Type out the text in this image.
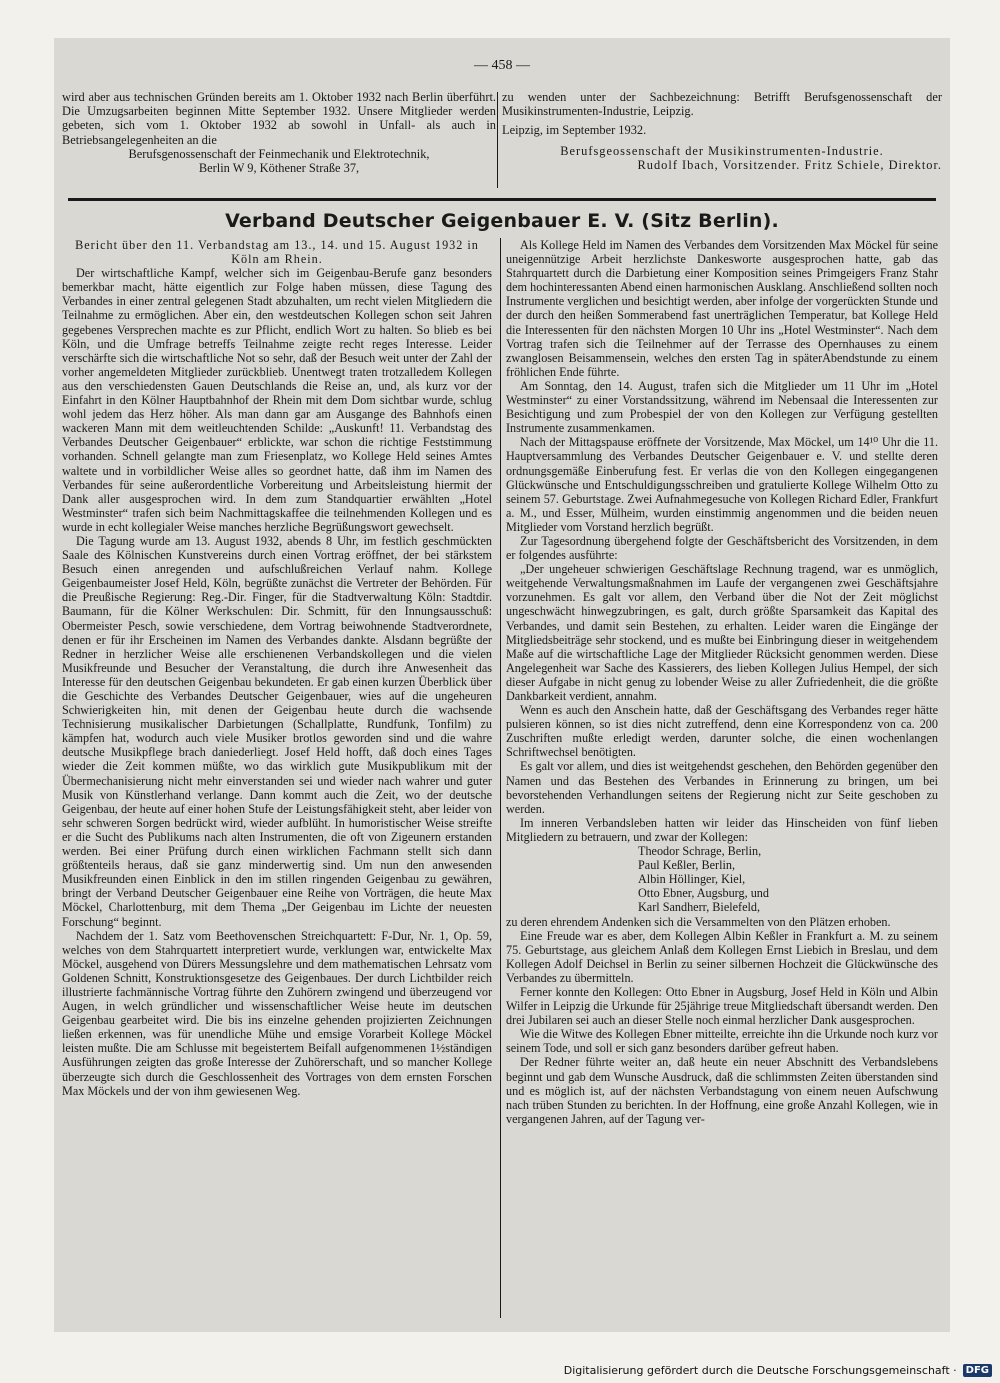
— 458 —

wird aber aus technischen Gründen bereits am 1. Oktober 1932 nach Berlin überführt. Die Umzugsarbeiten beginnen Mitte September 1932. Unsere Mitglieder werden gebeten, sich vom 1. Oktober 1932 ab sowohl in Unfall- als auch in Betriebsangelegenheiten an die

Berufsgenossenschaft der Feinmechanik und Elektrotechnik,

Berlin W 9, Köthener Straße 37,

zu wenden unter der Sachbezeichnung: Betrifft Berufsgenossenschaft der Musikinstrumenten-Industrie, Leipzig.

Leipzig, im September 1932.

Berufsgeossenschaft der Musikinstrumenten-Industrie.

Rudolf Ibach, Vorsitzender. Fritz Schiele, Direktor.

Verband Deutscher Geigenbauer E. V. (Sitz Berlin).

Bericht über den 11. Verbandstag am 13., 14. und 15. August 1932 in Köln am Rhein.

Der wirtschaftliche Kampf, welcher sich im Geigenbau-Berufe ganz besonders bemerkbar macht, hätte eigentlich zur Folge haben müssen, diese Tagung des Verbandes in einer zentral gelegenen Stadt abzuhalten, um recht vielen Mitgliedern die Teilnahme zu ermöglichen. Aber ein, den westdeutschen Kollegen schon seit Jahren gegebenes Versprechen machte es zur Pflicht, endlich Wort zu halten. So blieb es bei Köln, und die Umfrage betreffs Teilnahme zeigte recht reges Interesse. Leider verschärfte sich die wirtschaftliche Not so sehr, daß der Besuch weit unter der Zahl der vorher angemeldeten Mitglieder zurückblieb. Unentwegt traten trotzalledem Kollegen aus den verschiedensten Gauen Deutschlands die Reise an, und, als kurz vor der Einfahrt in den Kölner Hauptbahnhof der Rhein mit dem Dom sichtbar wurde, schlug wohl jedem das Herz höher. Als man dann gar am Ausgange des Bahnhofs einen wackeren Mann mit dem weitleuchtenden Schilde: „Auskunft! 11. Verbandstag des Verbandes Deutscher Geigenbauer“ erblickte, war schon die richtige Feststimmung vorhanden. Schnell gelangte man zum Friesenplatz, wo Kollege Held seines Amtes waltete und in vorbildlicher Weise alles so geordnet hatte, daß ihm im Namen des Verbandes für seine außerordentliche Vorbereitung und Arbeitsleistung hiermit der Dank aller ausgesprochen wird. In dem zum Standquartier erwählten „Hotel Westminster“ trafen sich beim Nachmittagskaffee die teilnehmenden Kollegen und es wurde in echt kollegialer Weise manches herzliche Begrüßungswort gewechselt.

Die Tagung wurde am 13. August 1932, abends 8 Uhr, im festlich geschmückten Saale des Kölnischen Kunstvereins durch einen Vortrag eröffnet, der bei stärkstem Besuch einen anregenden und aufschlußreichen Verlauf nahm. Kollege Geigenbaumeister Josef Held, Köln, begrüßte zunächst die Vertreter der Behörden. Für die Preußische Regierung: Reg.-Dir. Finger, für die Stadtverwaltung Köln: Stadtdir. Baumann, für die Kölner Werkschulen: Dir. Schmitt, für den Innungsausschuß: Obermeister Pesch, sowie verschiedene, dem Vortrag beiwohnende Stadtverordnete, denen er für ihr Erscheinen im Namen des Verbandes dankte. Alsdann begrüßte der Redner in herzlicher Weise alle erschienenen Verbandskollegen und die vielen Musikfreunde und Besucher der Veranstaltung, die durch ihre Anwesenheit das Interesse für den deutschen Geigenbau bekundeten. Er gab einen kurzen Überblick über die Geschichte des Verbandes Deutscher Geigenbauer, wies auf die ungeheuren Schwierigkeiten hin, mit denen der Geigenbau heute durch die wachsende Technisierung musikalischer Darbietungen (Schallplatte, Rundfunk, Tonfilm) zu kämpfen hat, wodurch auch viele Musiker brotlos geworden sind und die wahre deutsche Musikpflege brach daniederliegt. Josef Held hofft, daß doch eines Tages wieder die Zeit kommen müßte, wo das wirklich gute Musikpublikum mit der Übermechanisierung nicht mehr einverstanden sei und wieder nach wahrer und guter Musik von Künstlerhand verlange. Dann kommt auch die Zeit, wo der deutsche Geigenbau, der heute auf einer hohen Stufe der Leistungsfähigkeit steht, aber leider von sehr schweren Sorgen bedrückt wird, wieder aufblüht. In humoristischer Weise streifte er die Sucht des Publikums nach alten Instrumenten, die oft von Zigeunern erstanden werden. Bei einer Prüfung durch einen wirklichen Fachmann stellt sich dann größtenteils heraus, daß sie ganz minderwertig sind. Um nun den anwesenden Musikfreunden einen Einblick in den im stillen ringenden Geigenbau zu gewähren, bringt der Verband Deutscher Geigenbauer eine Reihe von Vorträgen, die heute Max Möckel, Charlottenburg, mit dem Thema „Der Geigenbau im Lichte der neuesten Forschung“ beginnt.

Nachdem der 1. Satz vom Beethovenschen Streichquartett: F-Dur, Nr. 1, Op. 59, welches von dem Stahrquartett interpretiert wurde, verklungen war, entwickelte Max Möckel, ausgehend von Dürers Messungslehre und dem mathematischen Lehrsatz vom Goldenen Schnitt, Konstruktionsgesetze des Geigenbaues. Der durch Lichtbilder reich illustrierte fachmännische Vortrag führte den Zuhörern zwingend und überzeugend vor Augen, in welch gründlicher und wissenschaftlicher Weise heute im deutschen Geigenbau gearbeitet wird. Die bis ins einzelne gehenden projizierten Zeichnungen ließen erkennen, was für unendliche Mühe und emsige Vorarbeit Kollege Möckel leisten mußte. Die am Schlusse mit begeistertem Beifall aufgenommenen 1½ständigen Ausführungen zeigten das große Interesse der Zuhörerschaft, und so mancher Kollege überzeugte sich durch die Geschlossenheit des Vortrages von dem ernsten Forschen Max Möckels und der von ihm gewiesenen Weg.

Als Kollege Held im Namen des Verbandes dem Vorsitzenden Max Möckel für seine uneigennützige Arbeit herzlichste Dankesworte ausgesprochen hatte, gab das Stahrquartett durch die Darbietung einer Komposition seines Primgeigers Franz Stahr dem hochinteressanten Abend einen harmonischen Ausklang. Anschließend sollten noch Instrumente verglichen und besichtigt werden, aber infolge der vorgerückten Stunde und der durch den heißen Sommerabend fast unerträglichen Temperatur, bat Kollege Held die Interessenten für den nächsten Morgen 10 Uhr ins „Hotel Westminster“. Nach dem Vortrag trafen sich die Teilnehmer auf der Terrasse des Opernhauses zu einem zwanglosen Beisammensein, welches den ersten Tag in späterAbendstunde zu einem fröhlichen Ende führte.

Am Sonntag, den 14. August, trafen sich die Mitglieder um 11 Uhr im „Hotel Westminster“ zu einer Vorstandssitzung, während im Nebensaal die Interessenten zur Besichtigung und zum Probespiel der von den Kollegen zur Verfügung gestellten Instrumente zusammenkamen.

Nach der Mittagspause eröffnete der Vorsitzende, Max Möckel, um 14¹⁰ Uhr die 11. Hauptversammlung des Verbandes Deutscher Geigenbauer e. V. und stellte deren ordnungsgemäße Einberufung fest. Er verlas die von den Kollegen eingegangenen Glückwünsche und Entschuldigungsschreiben und gratulierte Kollege Wilhelm Otto zu seinem 57. Geburtstage. Zwei Aufnahmegesuche von Kollegen Richard Edler, Frankfurt a. M., und Esser, Mülheim, wurden einstimmig angenommen und die beiden neuen Mitglieder vom Vorstand herzlich begrüßt.

Zur Tagesordnung übergehend folgte der Geschäftsbericht des Vorsitzenden, in dem er folgendes ausführte:

„Der ungeheuer schwierigen Geschäftslage Rechnung tragend, war es unmöglich, weitgehende Verwaltungsmaßnahmen im Laufe der vergangenen zwei Geschäftsjahre vorzunehmen. Es galt vor allem, den Verband über die Not der Zeit möglichst ungeschwächt hinwegzubringen, es galt, durch größte Sparsamkeit das Kapital des Verbandes, und damit sein Bestehen, zu erhalten. Leider waren die Eingänge der Mitgliedsbeiträge sehr stockend, und es mußte bei Einbringung dieser in weitgehendem Maße auf die wirtschaftliche Lage der Mitglieder Rücksicht genommen werden. Diese Angelegenheit war Sache des Kassierers, des lieben Kollegen Julius Hempel, der sich dieser Aufgabe in nicht genug zu lobender Weise zu aller Zufriedenheit, die die größte Dankbarkeit verdient, annahm.

Wenn es auch den Anschein hatte, daß der Geschäftsgang des Verbandes reger hätte pulsieren können, so ist dies nicht zutreffend, denn eine Korrespondenz von ca. 200 Zuschriften mußte erledigt werden, darunter solche, die einen wochenlangen Schriftwechsel benötigten.

Es galt vor allem, und dies ist weitgehendst geschehen, den Behörden gegenüber den Namen und das Bestehen des Verbandes in Erinnerung zu bringen, um bei bevorstehenden Verhandlungen seitens der Regierung nicht zur Seite geschoben zu werden.

Im inneren Verbandsleben hatten wir leider das Hinscheiden von fünf lieben Mitgliedern zu betrauern, und zwar der Kollegen:

Theodor Schrage, Berlin,

Paul Keßler, Berlin,

Albin Höllinger, Kiel,

Otto Ebner, Augsburg, und

Karl Sandherr, Bielefeld,

zu deren ehrendem Andenken sich die Versammelten von den Plätzen erhoben.

Eine Freude war es aber, dem Kollegen Albin Keßler in Frankfurt a. M. zu seinem 75. Geburtstage, aus gleichem Anlaß dem Kollegen Ernst Liebich in Breslau, und dem Kollegen Adolf Deichsel in Berlin zu seiner silbernen Hochzeit die Glückwünsche des Verbandes zu übermitteln.

Ferner konnte den Kollegen: Otto Ebner in Augsburg, Josef Held in Köln und Albin Wilfer in Leipzig die Urkunde für 25jährige treue Mitgliedschaft übersandt werden. Den drei Jubilaren sei auch an dieser Stelle noch einmal herzlicher Dank ausgesprochen.

Wie die Witwe des Kollegen Ebner mitteilte, erreichte ihn die Urkunde noch kurz vor seinem Tode, und soll er sich ganz besonders darüber gefreut haben.

Der Redner führte weiter an, daß heute ein neuer Abschnitt des Verbandslebens beginnt und gab dem Wunsche Ausdruck, daß die schlimmsten Zeiten überstanden sind und es möglich ist, auf der nächsten Verbandstagung von einem neuen Aufschwung nach trüben Stunden zu berichten. In der Hoffnung, eine große Anzahl Kollegen, wie in vergangenen Jahren, auf der Tagung ver-

Digitalisierung gefördert durch die Deutsche Forschungsgemeinschaft · DFG
